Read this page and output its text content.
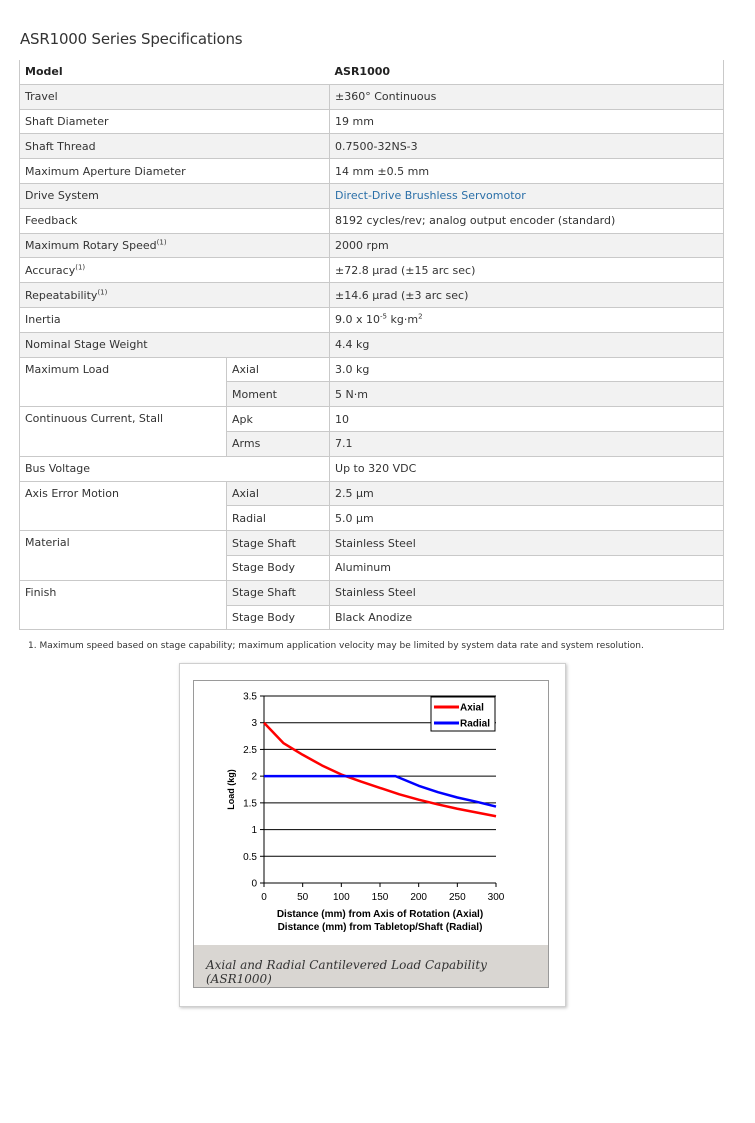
ASR1000 Series Specifications
Model		ASR1000
Travel		±360° Continuous
Shaft Diameter		19 mm
Shaft Thread		0.7500-32NS-3
Maximum Aperture Diameter		14 mm ±0.5 mm
Drive System		Direct-Drive Brushless Servomotor
Feedback		8192 cycles/rev; analog output encoder (standard)
Maximum Rotary Speed$^{(1)}$		2000 rpm
Accuracy$^{(1)}$		±72.8 µrad (±15 arc sec)
Repeatability$^{(1)}$		±14.6 µrad (±3 arc sec)
Inertia		9.0 x $10^{-5}$ $kg\cdot m^2$
Nominal Stage Weight		4.4 kg
Maximum Load	Axial	3.0 kg
	Moment	5 N·m
Continuous Current, Stall	Apk	10
	Arms	7.1
Bus Voltage		Up to 320 VDC
Axis Error Motion	Axial	2.5 µm
	Radial	5.0 µm
Material	Stage Shaft	Stainless Steel
	Stage Body	Aluminum
Finish	Stage Shaft	Stainless Steel
	Stage Body	Black Anodize
1. Maximum speed based on stage capability; maximum application velocity may be limited by system data rate and system resolution.
0
0.5
1
1.5
2
2.5
3
3.5
0	50 100 150 200 250 300
Load (kg)
Distance (mm) from Axis of Rotation (Axial)
Distance (mm) from Tabletop/Shaft (Radial)
Axial
Radial
Axial and Radial Cantilevered Load Capability (ASR1000)
